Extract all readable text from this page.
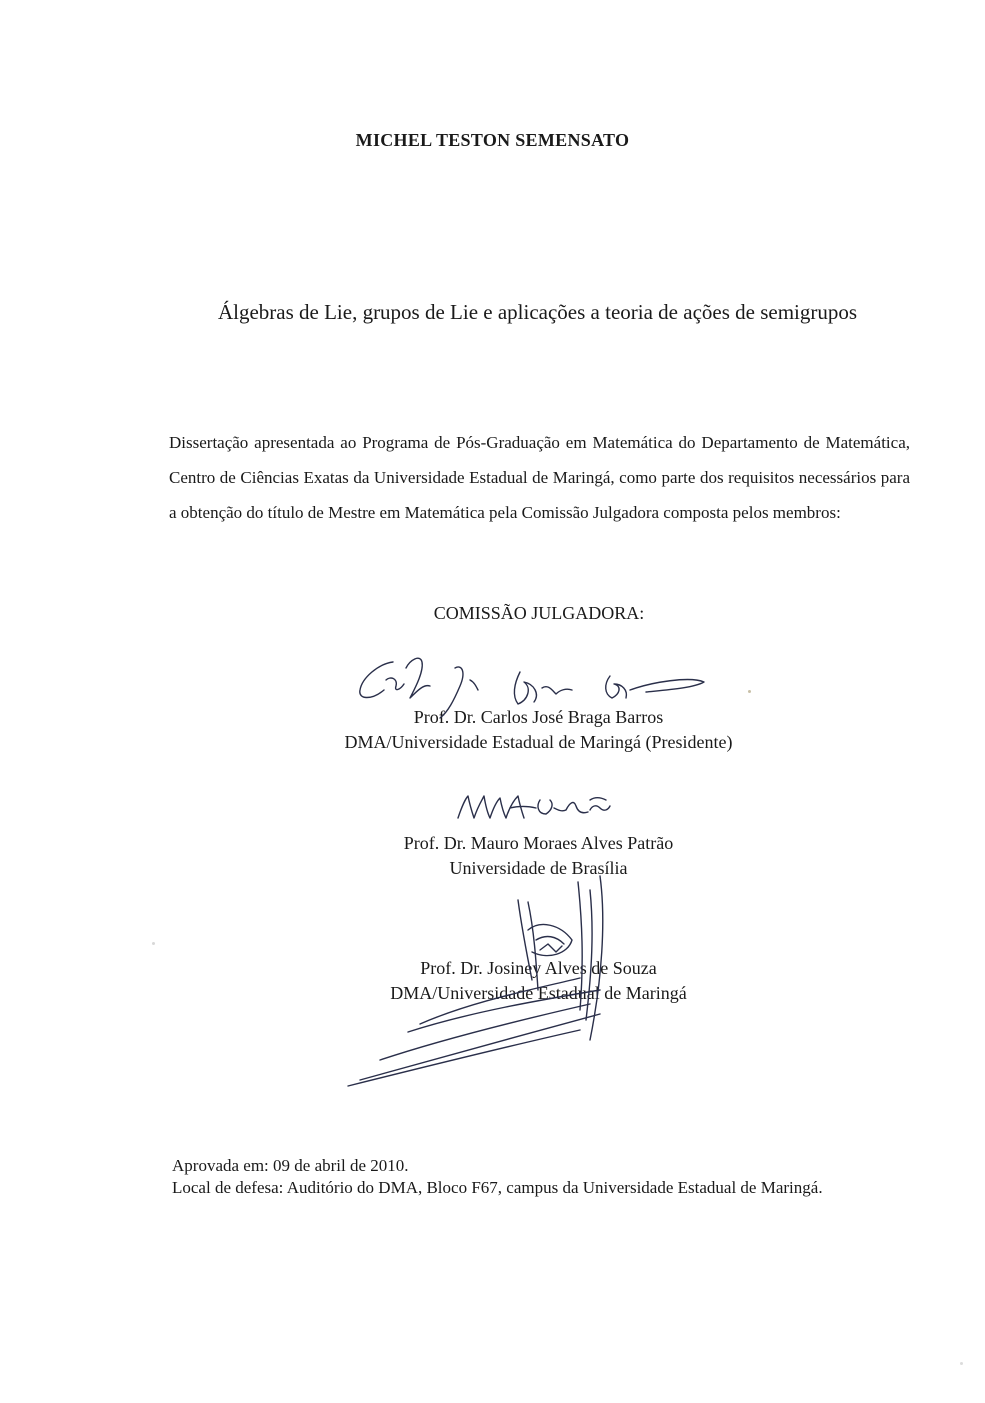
MICHEL TESTON SEMENSATO
Álgebras de Lie, grupos de Lie e aplicações a teoria de ações de semigrupos
Dissertação apresentada ao Programa de Pós-Graduação em Matemática do Departamento de Matemática, Centro de Ciências Exatas da Universidade Estadual de Maringá, como parte dos requisitos necessários para a obtenção do título de Mestre em Matemática pela Comissão Julgadora composta pelos membros:
COMISSÃO JULGADORA:
Prof. Dr. Carlos José Braga Barros
DMA/Universidade Estadual de Maringá (Presidente)
Prof. Dr. Mauro Moraes Alves Patrão
Universidade de Brasília
Prof. Dr. Josiney Alves de Souza
DMA/Universidade Estadual de Maringá
Aprovada em: 09 de abril de 2010.
Local de defesa: Auditório do DMA, Bloco F67, campus da Universidade Estadual de Maringá.
